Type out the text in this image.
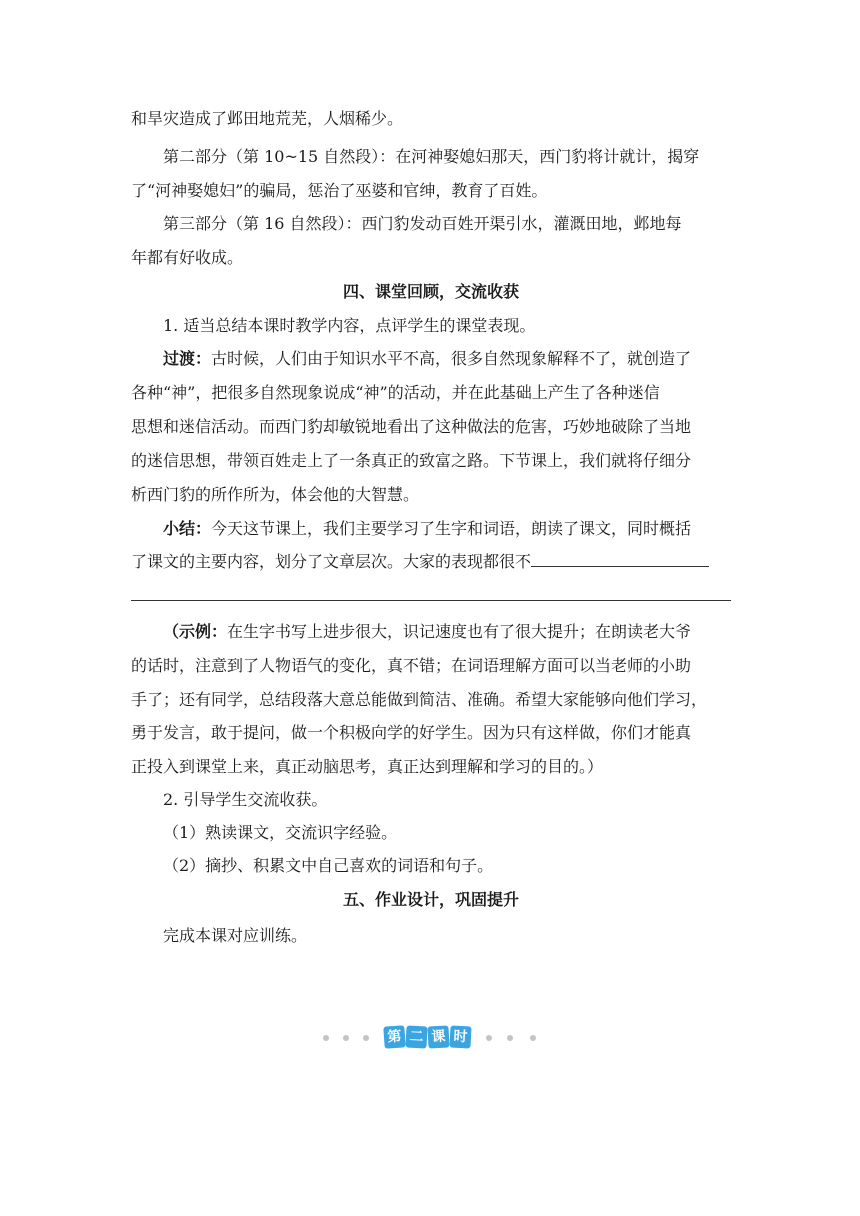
和旱灾造成了邺田地荒芜，人烟稀少。
第二部分（第 10~15 自然段）：在河神娶媳妇那天，西门豹将计就计，揭穿
了“河神娶媳妇”的骗局，惩治了巫婆和官绅，教育了百姓。
第三部分（第 16 自然段）：西门豹发动百姓开渠引水，灌溉田地，邺地每
年都有好收成。
四、课堂回顾，交流收获
1. 适当总结本课时教学内容，点评学生的课堂表现。
过渡：古时候，人们由于知识水平不高，很多自然现象解释不了，就创造了
各种“神”，把很多自然现象说成“神”的活动，并在此基础上产生了各种迷信
思想和迷信活动。而西门豹却敏锐地看出了这种做法的危害，巧妙地破除了当地
的迷信思想，带领百姓走上了一条真正的致富之路。下节课上，我们就将仔细分
析西门豹的所作所为，体会他的大智慧。
小结：今天这节课上，我们主要学习了生字和词语，朗读了课文，同时概括
了课文的主要内容，划分了文章层次。大家的表现都很不
（示例：在生字书写上进步很大，识记速度也有了很大提升；在朗读老大爷
的话时，注意到了人物语气的变化，真不错；在词语理解方面可以当老师的小助
手了；还有同学，总结段落大意总能做到简洁、准确。希望大家能够向他们学习，
勇于发言，敢于提问，做一个积极向学的好学生。因为只有这样做，你们才能真
正投入到课堂上来，真正动脑思考，真正达到理解和学习的目的。）
2. 引导学生交流收获。
（1）熟读课文，交流识字经验。
（2）摘抄、积累文中自己喜欢的词语和句子。
五、作业设计，巩固提升
完成本课对应训练。
第 二 课 时
